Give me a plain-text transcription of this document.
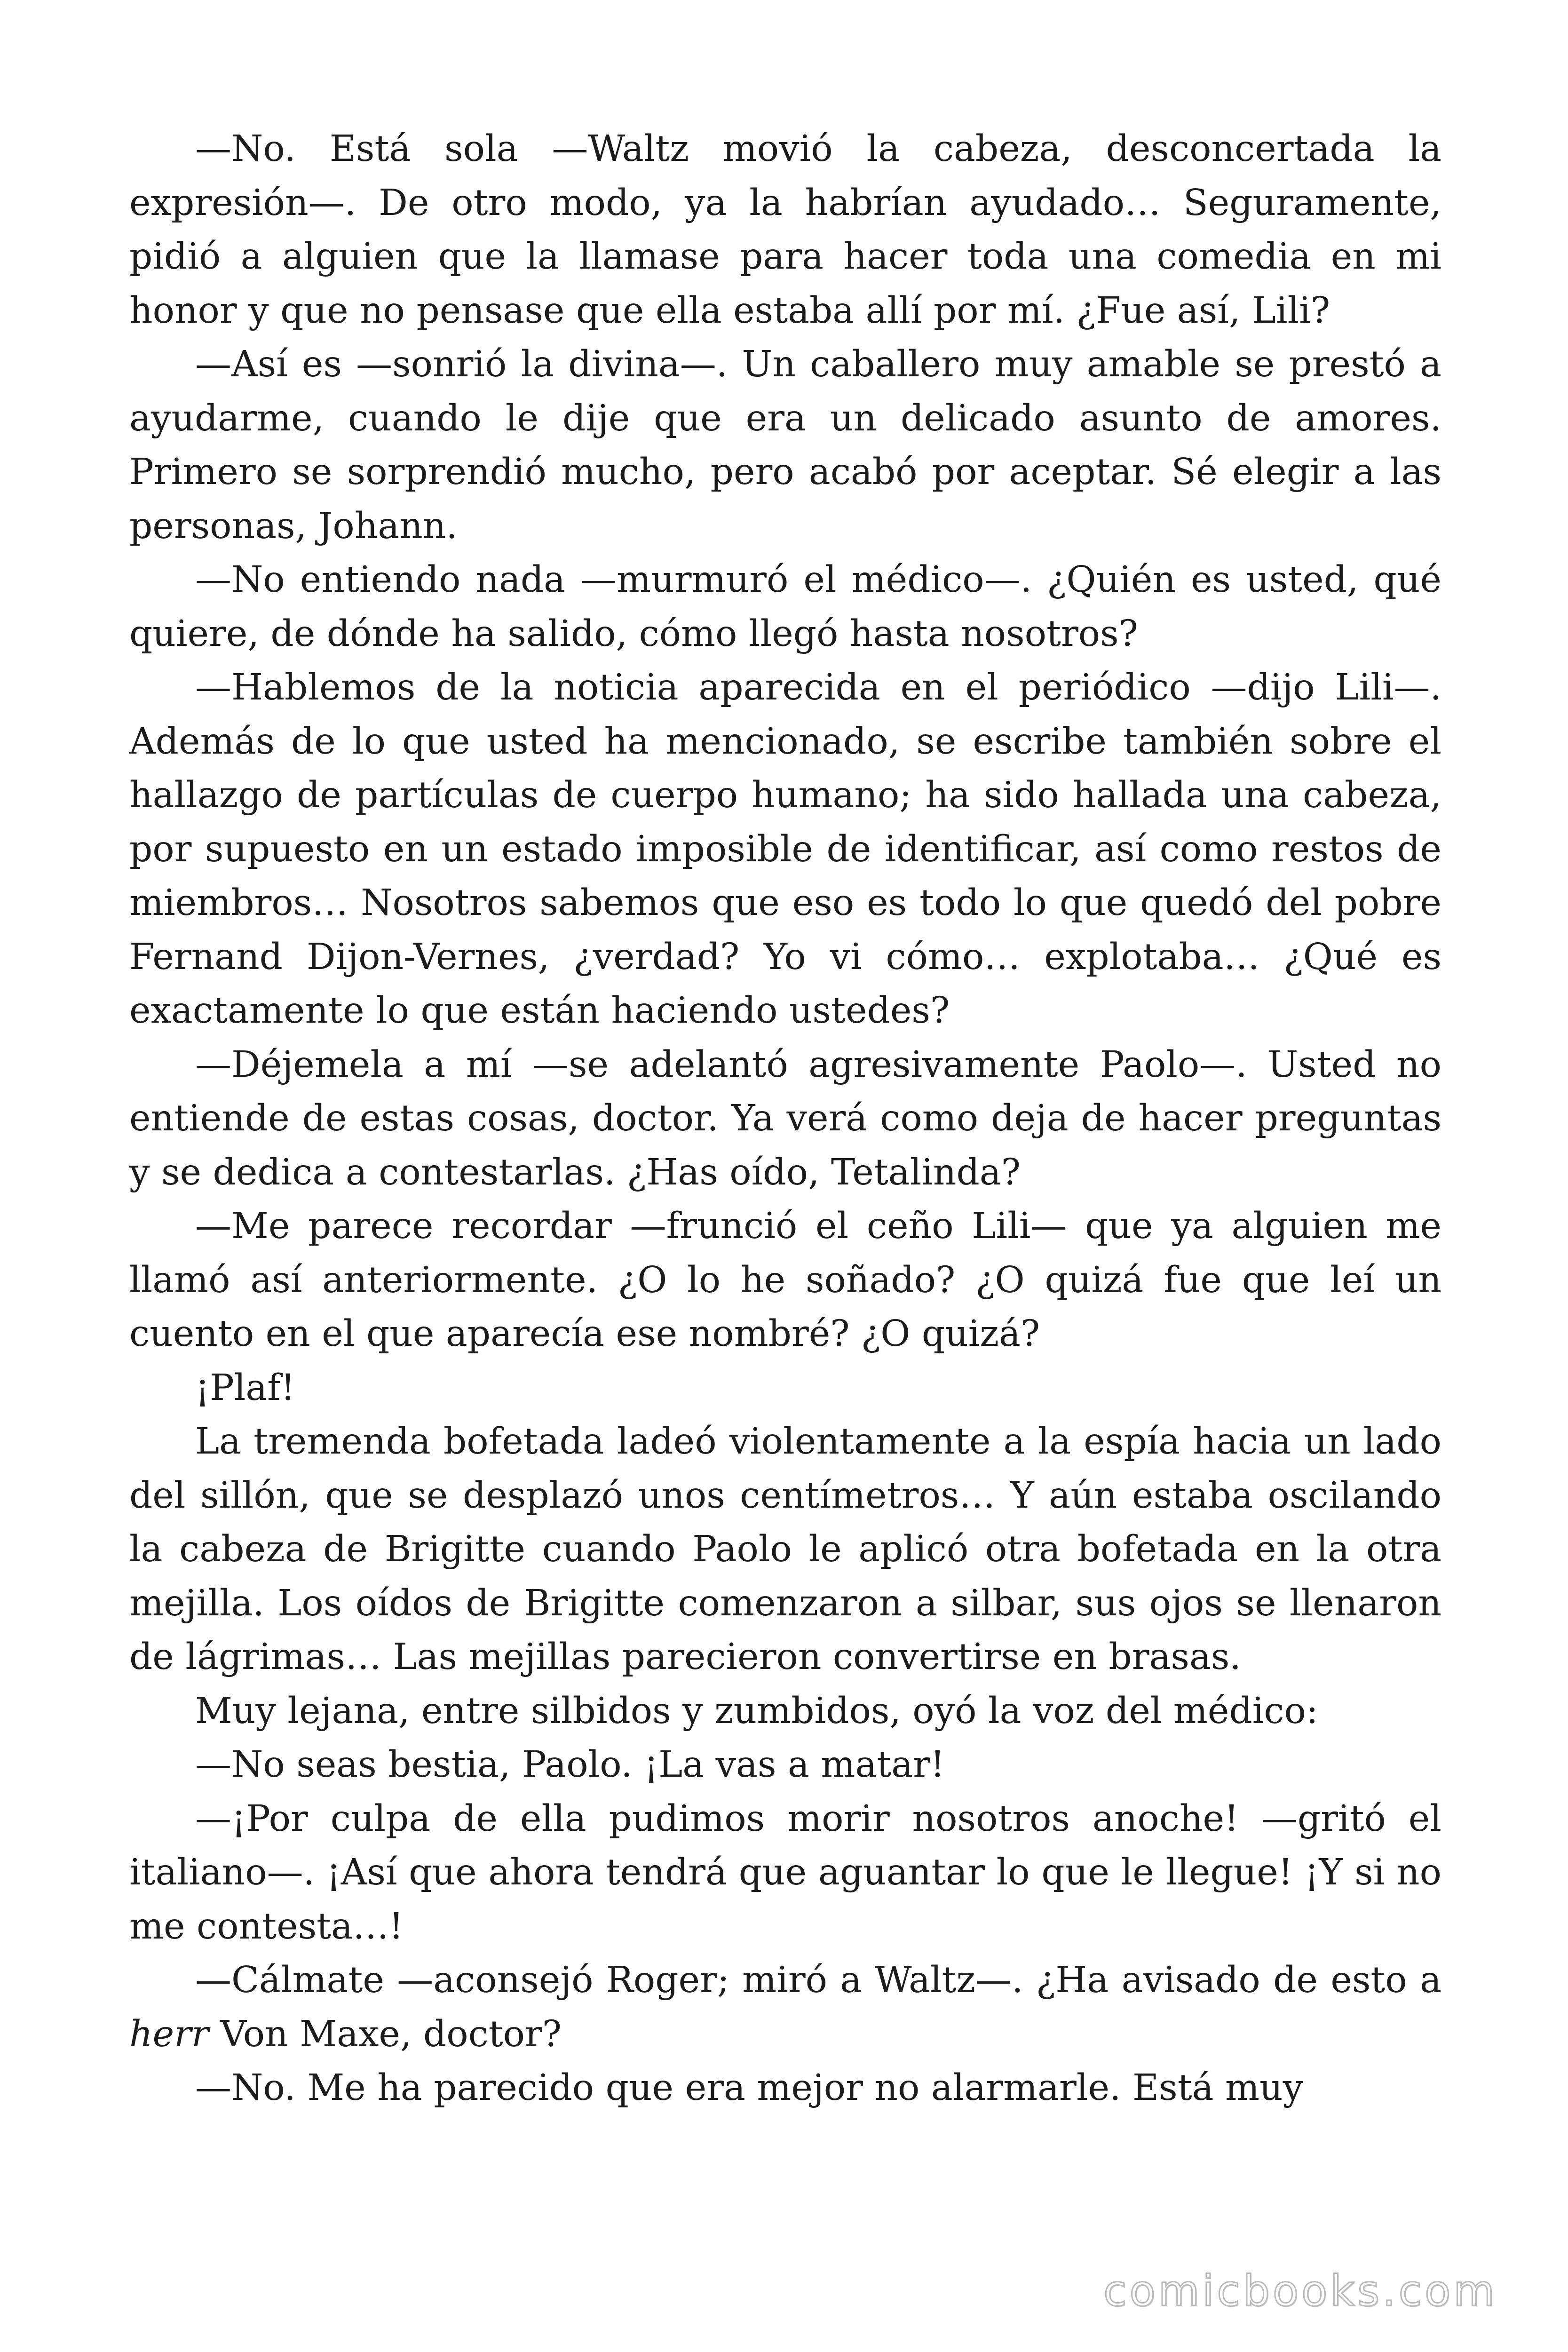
—No. Está sola —Waltz movió la cabeza, desconcertada la expresión—. De otro modo, ya la habrían ayudado… Seguramente, pidió a alguien que la llamase para hacer toda una comedia en mi honor y que no pensase que ella estaba allí por mí. ¿Fue así, Lili?

—Así es —sonrió la divina—. Un caballero muy amable se prestó a ayudarme, cuando le dije que era un delicado asunto de amores. Primero se sorprendió mucho, pero acabó por aceptar. Sé elegir a las personas, Johann.

—No entiendo nada —murmuró el médico—. ¿Quién es usted, qué quiere, de dónde ha salido, cómo llegó hasta nosotros?

—Hablemos de la noticia aparecida en el periódico —dijo Lili—. Además de lo que usted ha mencionado, se escribe también sobre el hallazgo de partículas de cuerpo humano; ha sido hallada una cabeza, por supuesto en un estado imposible de identificar, así como restos de miembros… Nosotros sabemos que eso es todo lo que quedó del pobre Fernand Dijon-Vernes, ¿verdad? Yo vi cómo… explotaba… ¿Qué es exactamente lo que están haciendo ustedes?

—Déjemela a mí —se adelantó agresivamente Paolo—. Usted no entiende de estas cosas, doctor. Ya verá como deja de hacer preguntas y se dedica a contestarlas. ¿Has oído, Tetalinda?

—Me parece recordar —frunció el ceño Lili— que ya alguien me llamó así anteriormente. ¿O lo he soñado? ¿O quizá fue que leí un cuento en el que aparecía ese nombré? ¿O quizá?

¡Plaf!

La tremenda bofetada ladeó violentamente a la espía hacia un lado del sillón, que se desplazó unos centímetros… Y aún estaba oscilando la cabeza de Brigitte cuando Paolo le aplicó otra bofetada en la otra mejilla. Los oídos de Brigitte comenzaron a silbar, sus ojos se llenaron de lágrimas… Las mejillas parecieron convertirse en brasas.

Muy lejana, entre silbidos y zumbidos, oyó la voz del médico:

—No seas bestia, Paolo. ¡La vas a matar!

—¡Por culpa de ella pudimos morir nosotros anoche! —gritó el italiano—. ¡Así que ahora tendrá que aguantar lo que le llegue! ¡Y si no me contesta…!

—Cálmate —aconsejó Roger; miró a Waltz—. ¿Ha avisado de esto a herr Von Maxe, doctor?

—No. Me ha parecido que era mejor no alarmarle. Está muy

comicbooks.com
